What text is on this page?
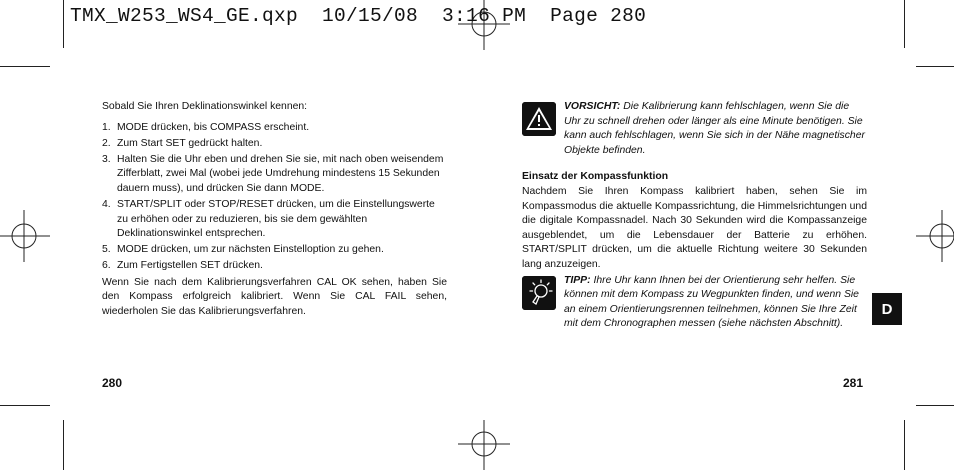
TMX_W253_WS4_GE.qxp  10/15/08  3:16 PM  Page 280

Sobald Sie Ihren Deklinationswinkel kennen:

1. MODE drücken, bis COMPASS erscheint.
2. Zum Start SET gedrückt halten.
3. Halten Sie die Uhr eben und drehen Sie sie, mit nach oben weisendem Zifferblatt, zwei Mal (wobei jede Umdrehung mindestens 15 Sekunden dauern muss), und drücken Sie dann MODE.
4. START/SPLIT oder STOP/RESET drücken, um die Einstellungswerte zu erhöhen oder zu reduzieren, bis sie dem gewählten Deklinationswinkel entsprechen.
5. MODE drücken, um zur nächsten Einstelloption zu gehen.
6. Zum Fertigstellen SET drücken.

Wenn Sie nach dem Kalibrierungsverfahren CAL OK sehen, haben Sie den Kompass erfolgreich kalibriert. Wenn Sie CAL FAIL sehen, wiederholen Sie das Kalibrierungsverfahren.

VORSICHT: Die Kalibrierung kann fehlschlagen, wenn Sie die Uhr zu schnell drehen oder länger als eine Minute benötigen. Sie kann auch fehlschlagen, wenn Sie sich in der Nähe magnetischer Objekte befinden.

Einsatz der Kompassfunktion

Nachdem Sie Ihren Kompass kalibriert haben, sehen Sie im Kompassmodus die aktuelle Kompassrichtung, die Himmelsrichtungen und die digitale Kompassnadel. Nach 30 Sekunden wird die Kompassanzeige ausgeblendet, um die Lebensdauer der Batterie zu erhöhen. START/SPLIT drücken, um die aktuelle Richtung weitere 30 Sekunden lang anzuzeigen.

TIPP: Ihre Uhr kann Ihnen bei der Orientierung sehr helfen. Sie können mit dem Kompass zu Wegpunkten finden, und wenn Sie an einem Orientierungsrennen teilnehmen, können Sie Ihre Zeit mit dem Chronographen messen (siehe nächsten Abschnitt).
280	281
D
